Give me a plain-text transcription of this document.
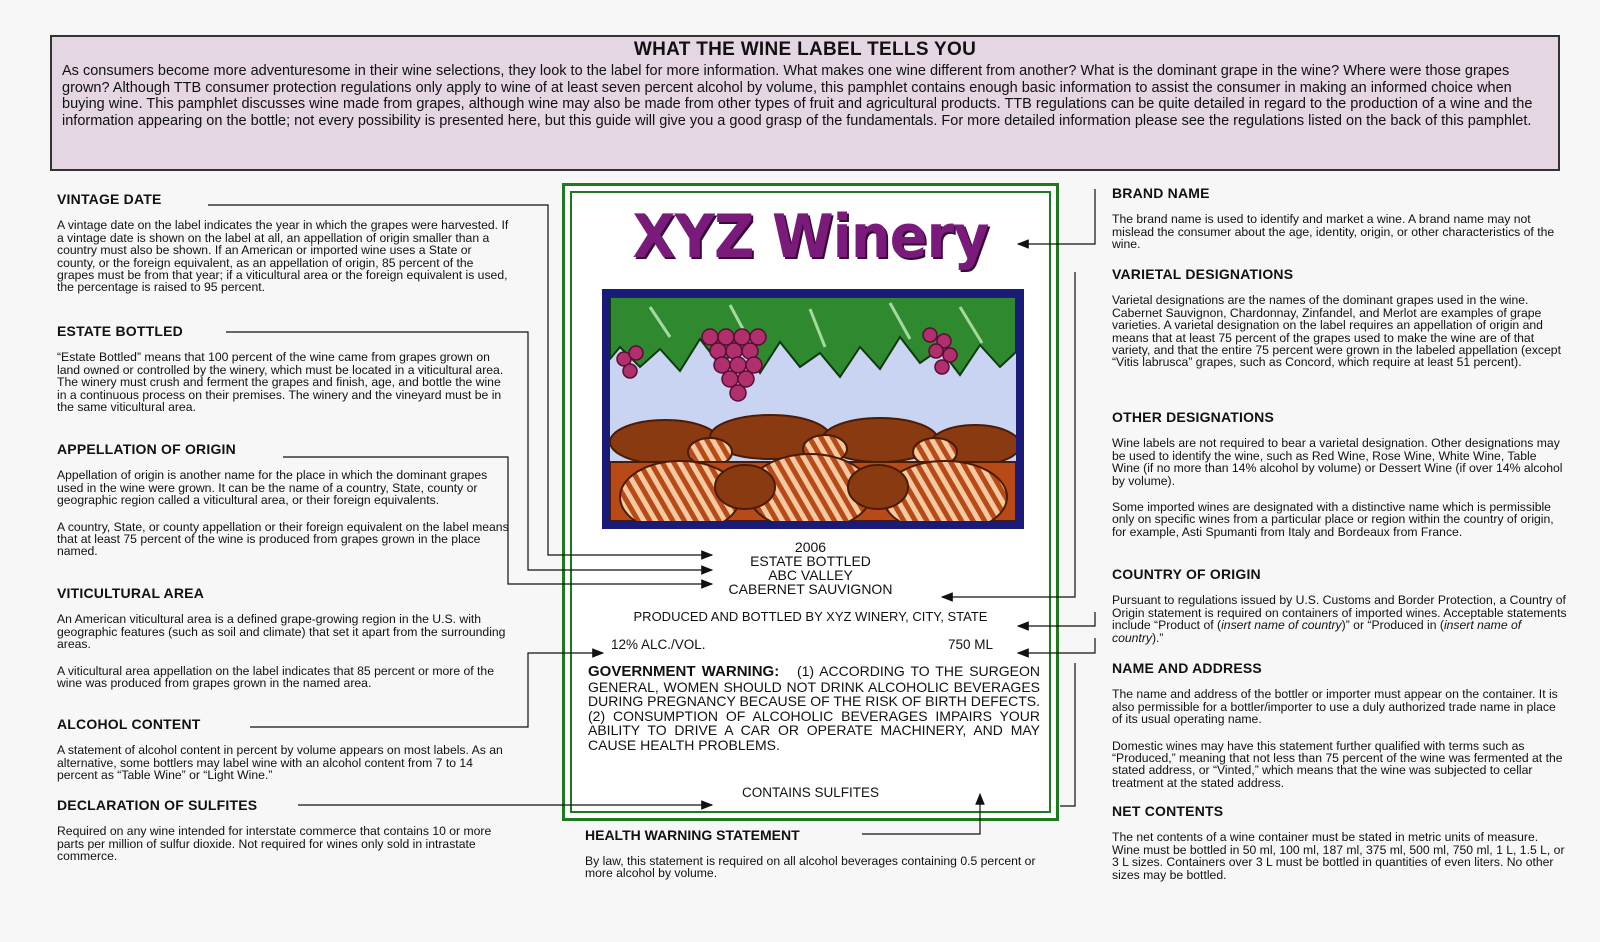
WHAT THE WINE LABEL TELLS YOU

As consumers become more adventuresome in their wine selections, they look to the label for more information. What makes one wine different from another? What is the dominant grape in the wine? Where were those grapes grown? Although TTB consumer protection regulations only apply to wine of at least seven percent alcohol by volume, this pamphlet contains enough basic information to assist the consumer in making an informed choice when buying wine. This pamphlet discusses wine made from grapes, although wine may also be made from other types of fruit and agricultural products. TTB regulations can be quite detailed in regard to the production of a wine and the information appearing on the bottle; not every possibility is presented here, but this guide will give you a good grasp of the fundamentals. For more detailed information please see the regulations listed on the back of this pamphlet.

VINTAGE DATE

A vintage date on the label indicates the year in which the grapes were harvested. If a vintage date is shown on the label at all, an appellation of origin smaller than a country must also be shown. If an American or imported wine uses a State or county, or the foreign equivalent, as an appellation of origin, 85 percent of the grapes must be from that year; if a viticultural area or the foreign equivalent is used, the percentage is raised to 95 percent.

ESTATE BOTTLED

“Estate Bottled” means that 100 percent of the wine came from grapes grown on land owned or controlled by the winery, which must be located in a viticultural area. The winery must crush and ferment the grapes and finish, age, and bottle the wine in a continuous process on their premises. The winery and the vineyard must be in the same viticultural area.

APPELLATION OF ORIGIN

Appellation of origin is another name for the place in which the dominant grapes used in the wine were grown. It can be the name of a country, State, county or geographic region called a viticultural area, or their foreign equivalents.

A country, State, or county appellation or their foreign equivalent on the label means that at least 75 percent of the wine is produced from grapes grown in the place named.

VITICULTURAL AREA

An American viticultural area is a defined grape-growing region in the U.S. with geographic features (such as soil and climate) that set it apart from the surrounding areas.

A viticultural area appellation on the label indicates that 85 percent or more of the wine was produced from grapes grown in the named area.

ALCOHOL CONTENT

A statement of alcohol content in percent by volume appears on most labels. As an alternative, some bottlers may label wine with an alcohol content from 7 to 14 percent as “Table Wine” or “Light Wine.”

DECLARATION OF SULFITES

Required on any wine intended for interstate commerce that contains 10 or more parts per million of sulfur dioxide. Not required for wines only sold in intrastate commerce.

BRAND NAME

The brand name is used to identify and market a wine. A brand name may not mislead the consumer about the age, identity, origin, or other characteristics of the wine.

VARIETAL DESIGNATIONS

Varietal designations are the names of the dominant grapes used in the wine. Cabernet Sauvignon, Chardonnay, Zinfandel, and Merlot are examples of grape varieties. A varietal designation on the label requires an appellation of origin and means that at least 75 percent of the grapes used to make the wine are of that variety, and that the entire 75 percent were grown in the labeled appellation (except “Vitis labrusca” grapes, such as Concord, which require at least 51 percent).

OTHER DESIGNATIONS

Wine labels are not required to bear a varietal designation. Other designations may be used to identify the wine, such as Red Wine, Rose Wine, White Wine, Table Wine (if no more than 14% alcohol by volume) or Dessert Wine (if over 14% alcohol by volume).

Some imported wines are designated with a distinctive name which is permissible only on specific wines from a particular place or region within the country of origin, for example, Asti Spumanti from Italy and Bordeaux from France.

COUNTRY OF ORIGIN

Pursuant to regulations issued by U.S. Customs and Border Protection, a Country of Origin statement is required on containers of imported wines. Acceptable statements include “Product of (insert name of country)” or “Produced in (insert name of country).”

NAME AND ADDRESS

The name and address of the bottler or importer must appear on the container. It is also permissible for a bottler/importer to use a duly authorized trade name in place of its usual operating name.

Domestic wines may have this statement further qualified with terms such as “Produced,” meaning that not less than 75 percent of the wine was fermented at the stated address, or “Vinted,” which means that the wine was subjected to cellar treatment at the stated address.

NET CONTENTS

The net contents of a wine container must be stated in metric units of measure. Wine must be bottled in 50 ml, 100 ml, 187 ml, 375 ml, 500 ml, 750 ml, 1 L, 1.5 L, or 3 L sizes. Containers over 3 L must be bottled in quantities of even liters. No other sizes may be bottled.

XYZ Winery
2006
ESTATE BOTTLED
ABC VALLEY
CABERNET SAUVIGNON
PRODUCED AND BOTTLED BY XYZ WINERY, CITY, STATE
12% ALC./VOL.	750 ML
GOVERNMENT WARNING: (1) ACCORDING TO THE SURGEON GENERAL, WOMEN SHOULD NOT DRINK ALCOHOLIC BEVERAGES DURING PREGNANCY BECAUSE OF THE RISK OF BIRTH DEFECTS. (2) CONSUMPTION OF ALCOHOLIC BEVERAGES IMPAIRS YOUR ABILITY TO DRIVE A CAR OR OPERATE MACHINERY, AND MAY CAUSE HEALTH PROBLEMS.
CONTAINS SULFITES
HEALTH WARNING STATEMENT

By law, this statement is required on all alcohol beverages containing 0.5 percent or more alcohol by volume.
